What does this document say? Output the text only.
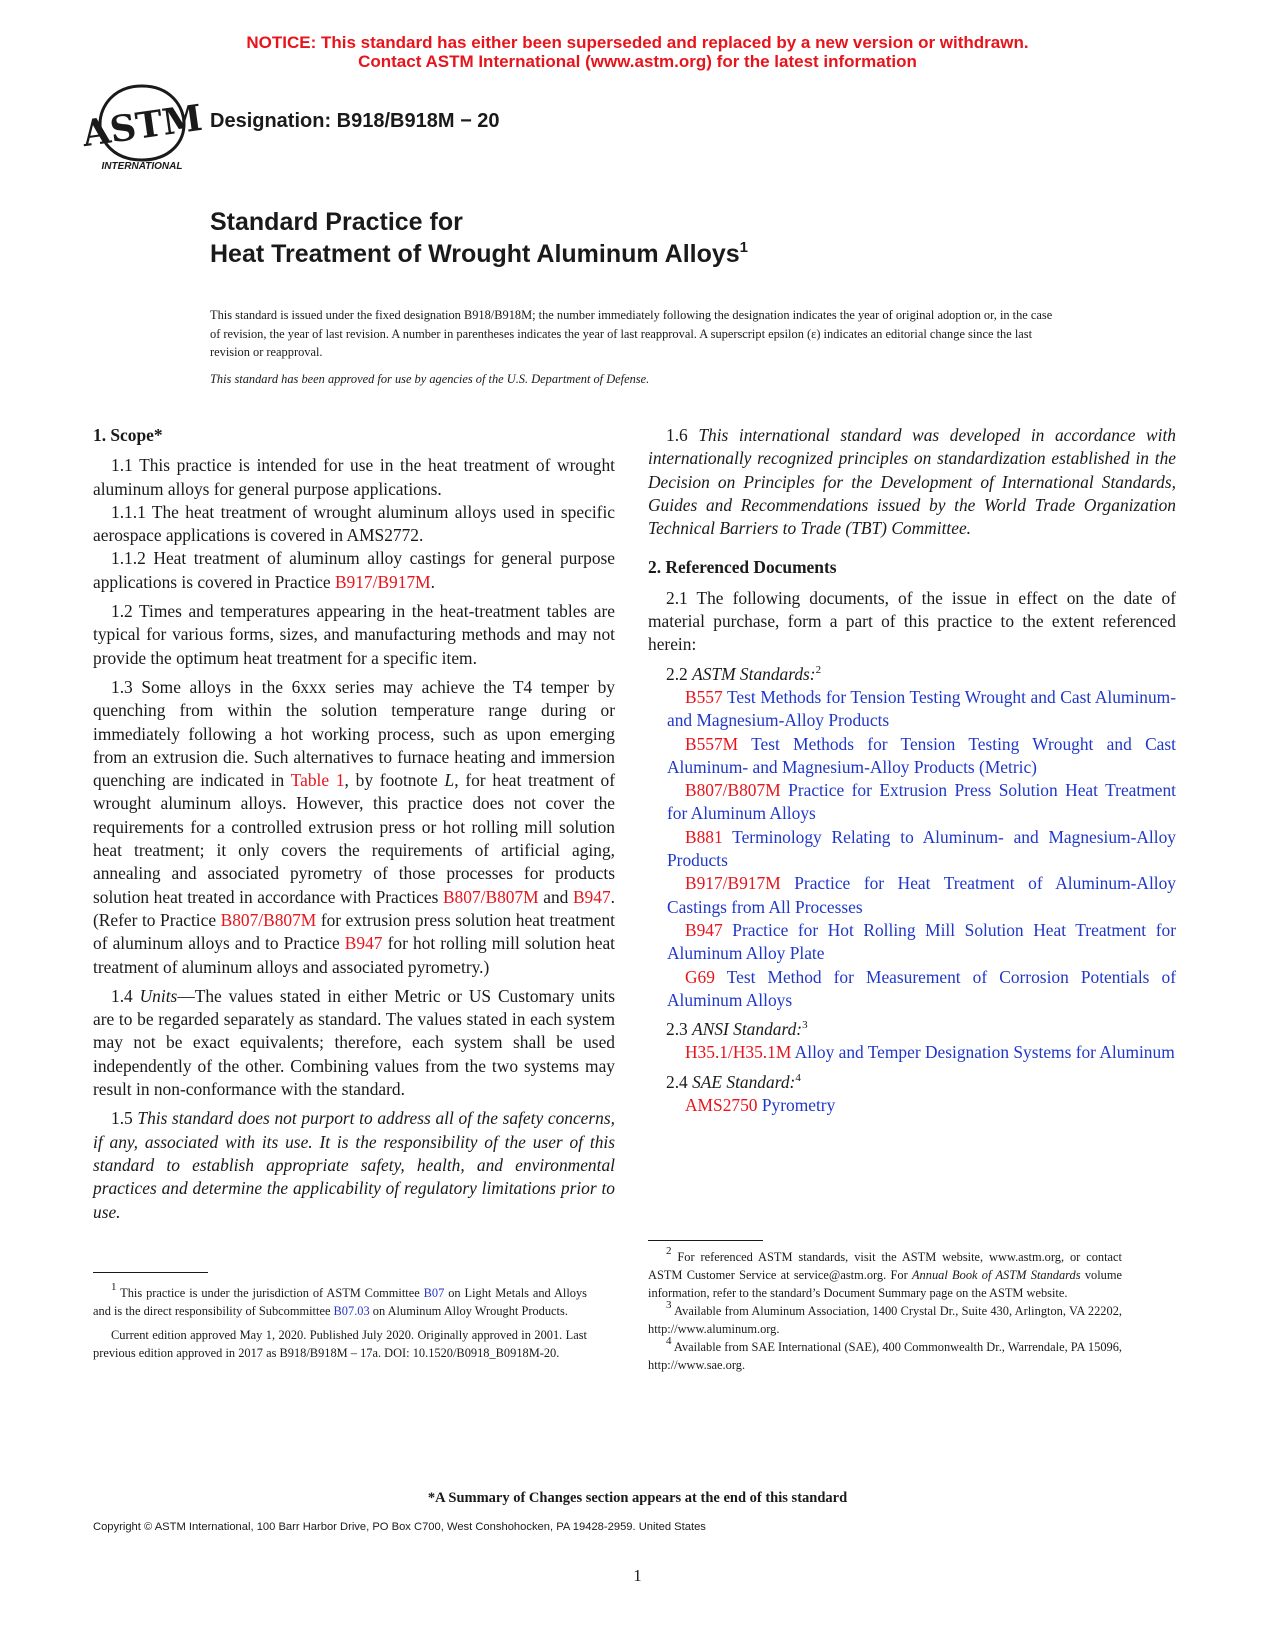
NOTICE: This standard has either been superseded and replaced by a new version or withdrawn.
Contact ASTM International (www.astm.org) for the latest information
ASTM
INTERNATIONAL
Designation: B918/B918M − 20
Standard Practice for
Heat Treatment of Wrought Aluminum Alloys$^1$
This standard is issued under the fixed designation B918/B918M; the number immediately following the designation indicates the year of original adoption or, in the case of revision, the year of last revision. A number in parentheses indicates the year of last reapproval. A superscript epsilon (ε) indicates an editorial change since the last revision or reapproval.
This standard has been approved for use by agencies of the U.S. Department of Defense.
1. Scope*

1.1 This practice is intended for use in the heat treatment of wrought aluminum alloys for general purpose applications.

1.1.1 The heat treatment of wrought aluminum alloys used in specific aerospace applications is covered in AMS2772.

1.1.2 Heat treatment of aluminum alloy castings for general purpose applications is covered in Practice B917/B917M.

1.2 Times and temperatures appearing in the heat-treatment tables are typical for various forms, sizes, and manufacturing methods and may not provide the optimum heat treatment for a specific item.

1.3 Some alloys in the 6xxx series may achieve the T4 temper by quenching from within the solution temperature range during or immediately following a hot working process, such as upon emerging from an extrusion die. Such alternatives to furnace heating and immersion quenching are indicated in Table 1, by footnote L, for heat treatment of wrought aluminum alloys. However, this practice does not cover the requirements for a controlled extrusion press or hot rolling mill solution heat treatment; it only covers the requirements of artificial aging, annealing and associated pyrometry of those processes for products solution heat treated in accordance with Practices B807/B807M and B947. (Refer to Practice B807/B807M for extrusion press solution heat treatment of aluminum alloys and to Practice B947 for hot rolling mill solution heat treatment of aluminum alloys and associated pyrometry.)

1.4 Units—The values stated in either Metric or US Customary units are to be regarded separately as standard. The values stated in each system may not be exact equivalents; therefore, each system shall be used independently of the other. Combining values from the two systems may result in non-conformance with the standard.

1.5 This standard does not purport to address all of the safety concerns, if any, associated with its use. It is the responsibility of the user of this standard to establish appropriate safety, health, and environmental practices and determine the applicability of regulatory limitations prior to use.

1.6 This international standard was developed in accordance with internationally recognized principles on standardization established in the Decision on Principles for the Development of International Standards, Guides and Recommendations issued by the World Trade Organization Technical Barriers to Trade (TBT) Committee.

2. Referenced Documents

2.1 The following documents, of the issue in effect on the date of material purchase, form a part of this practice to the extent referenced herein:

2.2 ASTM Standards:$^2$

B557 Test Methods for Tension Testing Wrought and Cast Aluminum- and Magnesium-Alloy Products

B557M Test Methods for Tension Testing Wrought and Cast Aluminum- and Magnesium-Alloy Products (Metric)

B807/B807M Practice for Extrusion Press Solution Heat Treatment for Aluminum Alloys

B881 Terminology Relating to Aluminum- and Magnesium-Alloy Products

B917/B917M Practice for Heat Treatment of Aluminum-Alloy Castings from All Processes

B947 Practice for Hot Rolling Mill Solution Heat Treatment for Aluminum Alloy Plate

G69 Test Method for Measurement of Corrosion Potentials of Aluminum Alloys

2.3 ANSI Standard:$^3$

H35.1/H35.1M Alloy and Temper Designation Systems for Aluminum

2.4 SAE Standard:$^4$

AMS2750 Pyrometry

$^1$ This practice is under the jurisdiction of ASTM Committee B07 on Light Metals and Alloys and is the direct responsibility of Subcommittee B07.03 on Aluminum Alloy Wrought Products.

Current edition approved May 1, 2020. Published July 2020. Originally approved in 2001. Last previous edition approved in 2017 as B918/B918M – 17a. DOI: 10.1520/B0918_B0918M-20.

$^2$ For referenced ASTM standards, visit the ASTM website, www.astm.org, or contact ASTM Customer Service at service@astm.org. For Annual Book of ASTM Standards volume information, refer to the standard’s Document Summary page on the ASTM website.

$^3$ Available from Aluminum Association, 1400 Crystal Dr., Suite 430, Arlington, VA 22202, http://www.aluminum.org.

$^4$ Available from SAE International (SAE), 400 Commonwealth Dr., Warrendale, PA 15096, http://www.sae.org.

*A Summary of Changes section appears at the end of this standard
Copyright © ASTM International, 100 Barr Harbor Drive, PO Box C700, West Conshohocken, PA 19428-2959. United States
1
